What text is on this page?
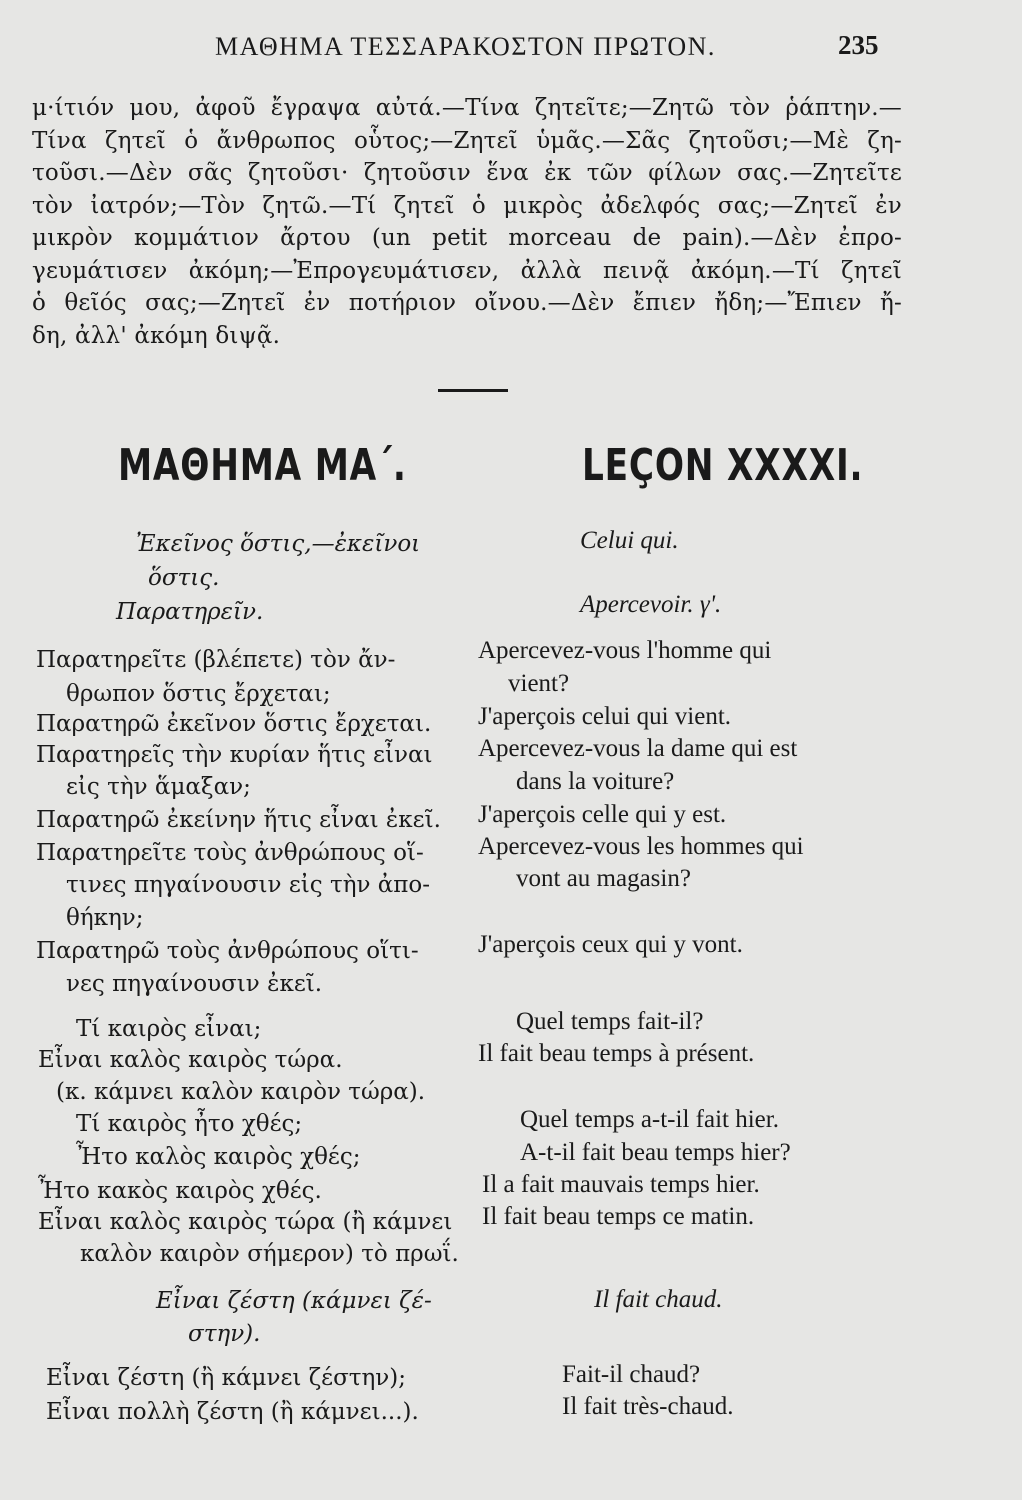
ΜΑΘΗΜΑ ΤΕΣΣΑΡΑΚΟΣΤΟΝ ΠΡΩΤΟΝ.	235
μ·ίτιόν μου, ἀφοῦ ἔγραψα αὐτά.—Τίνα ζητεῖτε;—Ζητῶ τὸν ῥάπτην.—
Τίνα ζητεῖ ὁ ἄνθρωπος οὗτος;—Ζητεῖ ὑμᾶς.—Σᾶς ζητοῦσι;—Μὲ ζη-
τοῦσι.—Δὲν σᾶς ζητοῦσι· ζητοῦσιν ἕνα ἐκ τῶν φίλων σας.—Ζητεῖτε
τὸν ἰατρόν;—Τὸν ζητῶ.—Τί ζητεῖ ὁ μικρὸς ἀδελφός σας;—Ζητεῖ ἐν
μικρὸν κομμάτιον ἄρτου (un petit morceau de pain).—Δὲν ἐπρο-
γευμάτισεν ἀκόμη;—Ἐπρογευμάτισεν, ἀλλὰ πεινᾷ ἀκόμη.—Τί ζητεῖ
ὁ θεῖός σας;—Ζητεῖ ἐν ποτήριον οἴνου.—Δὲν ἔπιεν ἤδη;—Ἔπιεν ἤ-
δη, ἀλλ' ἀκόμη διψᾷ.
ΜΑΘΗΜΑ ΜΑ΄.	LEÇON XXXXI.
Ἐκεῖνος ὅστις,—ἐκεῖνοι
ὅστις.
Παρατηρεῖν.
Παρατηρεῖτε (βλέπετε) τὸν ἄν-
θρωπον ὅστις ἔρχεται;
Παρατηρῶ ἐκεῖνον ὅστις ἔρχεται.
Παρατηρεῖς τὴν κυρίαν ἥτις εἶναι
εἰς τὴν ἅμαξαν;
Παρατηρῶ ἐκείνην ἥτις εἶναι ἐκεῖ.
Παρατηρεῖτε τοὺς ἀνθρώπους οἵ-
τινες πηγαίνουσιν εἰς τὴν ἀπο-
θήκην;
Παρατηρῶ τοὺς ἀνθρώπους οἵτι-
νες πηγαίνουσιν ἐκεῖ.
Τί καιρὸς εἶναι;
Εἶναι καλὸς καιρὸς τώρα.
(κ. κάμνει καλὸν καιρὸν τώρα).
Τί καιρὸς ἦτο χθές;
Ἦτο καλὸς καιρὸς χθές;
Ἦτο κακὸς καιρὸς χθές.
Εἶναι καλὸς καιρὸς τώρα (ἢ κάμνει
καλὸν καιρὸν σήμερον) τὸ πρωΐ.
Εἶναι ζέστη (κάμνει ζέ-
στην).
Εἶναι ζέστη (ἢ κάμνει ζέστην);
Εἶναι πολλὴ ζέστη (ἢ κάμνει...).
Celui qui.
Apercevoir. γ'.
Apercevez-vous l'homme qui
vient?
J'aperçois celui qui vient.
Apercevez-vous la dame qui est
dans la voiture?
J'aperçois celle qui y est.
Apercevez-vous les hommes qui
vont au magasin?
J'aperçois ceux qui y vont.
Quel temps fait-il?
Il fait beau temps à présent.
Quel temps a-t-il fait hier.
A-t-il fait beau temps hier?
Il a fait mauvais temps hier.
Il fait beau temps ce matin.
Il fait chaud.
Fait-il chaud?
Il fait très-chaud.
